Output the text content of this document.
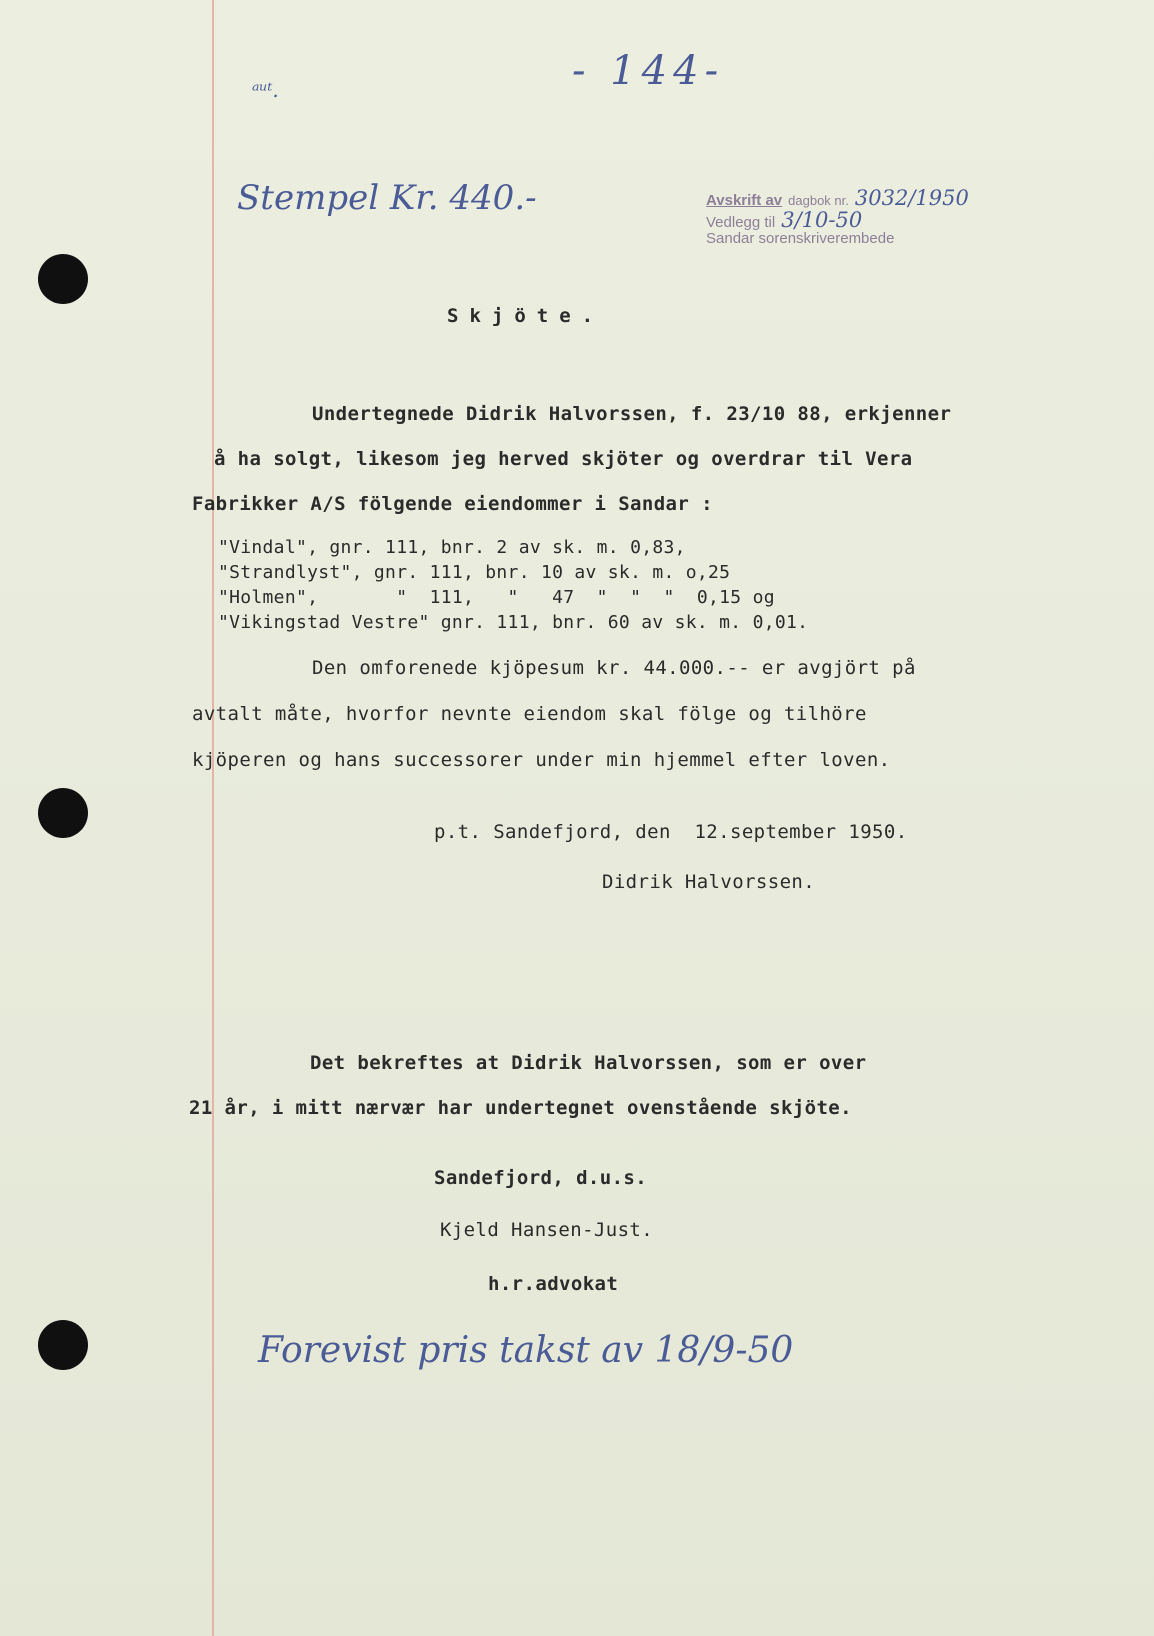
- 144-
ᵃᵘᵗ.
Stempel Kr. 440.-	Avskrift av dagbok nr. 3032/1950
Vedlegg til 3/10-50
Sandar sorenskriverembede
Skjöte.
Undertegnede Didrik Halvorssen, f. 23/10 88, erkjenner
å ha solgt, likesom jeg herved skjöter og overdrar til Vera
Fabrikker A/S fölgende eiendommer i Sandar :
"Vindal", gnr. 111, bnr. 2 av sk. m. 0,83,
"Strandlyst", gnr. 111, bnr. 10 av sk. m. o,25
"Holmen",       "  111,   "   47  "  "  "  0,15 og
"Vikingstad Vestre" gnr. 111, bnr. 60 av sk. m. 0,01.
Den omforenede kjöpesum kr. 44.000.-- er avgjört på
avtalt måte, hvorfor nevnte eiendom skal fölge og tilhöre
kjöperen og hans successorer under min hjemmel efter loven.
p.t. Sandefjord, den  12.september 1950.
Didrik Halvorssen.
Det bekreftes at Didrik Halvorssen, som er over
21 år, i mitt nærvær har undertegnet ovenstående skjöte.
Sandefjord, d.u.s.
Kjeld Hansen-Just.
h.r.advokat
Forevist pris takst av 18/9-50
